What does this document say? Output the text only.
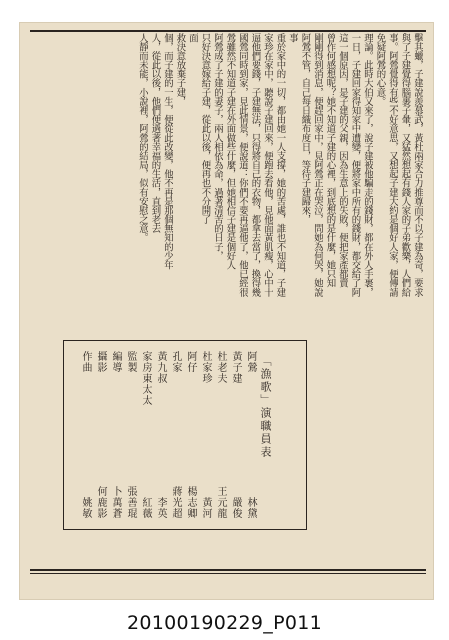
擊其蠟，子建說羨慕武，黃杜兩家合力推尊而不以子建為奇，要求
與了子建覺得腦裹子暈，又猛然想起有錢人家的子弟歡樂，人們給
事。阿鶯覺得有些不好意思，又想起子建大約是個好人家，便傳請
免疑阿鶯的心意。
理論。此時大伯又來了，說子建被他騙走的錢財，都在外人手裹，
一日，子建回家得知家中遭變，便將家中所有的錢財，都交給了阿
這一個原因，是子建的父親，因為生意上的失敗，便把家產都賣
曾作何感想呢？她不知道子建的心裡，到底想的是什麼，她只知
剛剛得到消息，便趕回家中，見阿鶯正在哭泣，問她為何哭，她說
阿鶯不管，自己每日織布度日，等待子建歸來，
事
重於家中的一切，都由她一人支撐，她的苦處，誰也不知道，子建
家珍在家中，聽說子建回來，便跑去看他，見他面黃肌瘦，心中十
逼他們要錢，子建無法，只得將自己的衣物，都拿去當了，換得幾
國鶯同時到家，見此情景，便說道：你們不要再逼他了，他已經很
鶯雖然不知道子建在外面做些什麼，但她相信子建是個好人
阿鶯成了子建的妻子，兩人相依為命，過著清苦的日子，
只好決意嫁給子建，從此以後，便再也不分開了
面
救決意放棄子建，
個，而子建的一生，便從此改變，他不再是那個無知的少年
人，從此以後，他們便過著幸福的生活，直到老去
人靜而未能，小說裡，阿鶯的結局，似有安慰之意。
「漁歌」演職員表
阿鶯
林黛
黃子建
嚴俊
杜老夫
王元龍
杜家珍
黃河
阿仔
楊志卿
孔家
蔣光超
黃九叔
李英
家房東太太
紅薇
監製
張善琨
編導
卜萬蒼
攝影
何鹿影
作曲
姚敏
20100190229_P011
